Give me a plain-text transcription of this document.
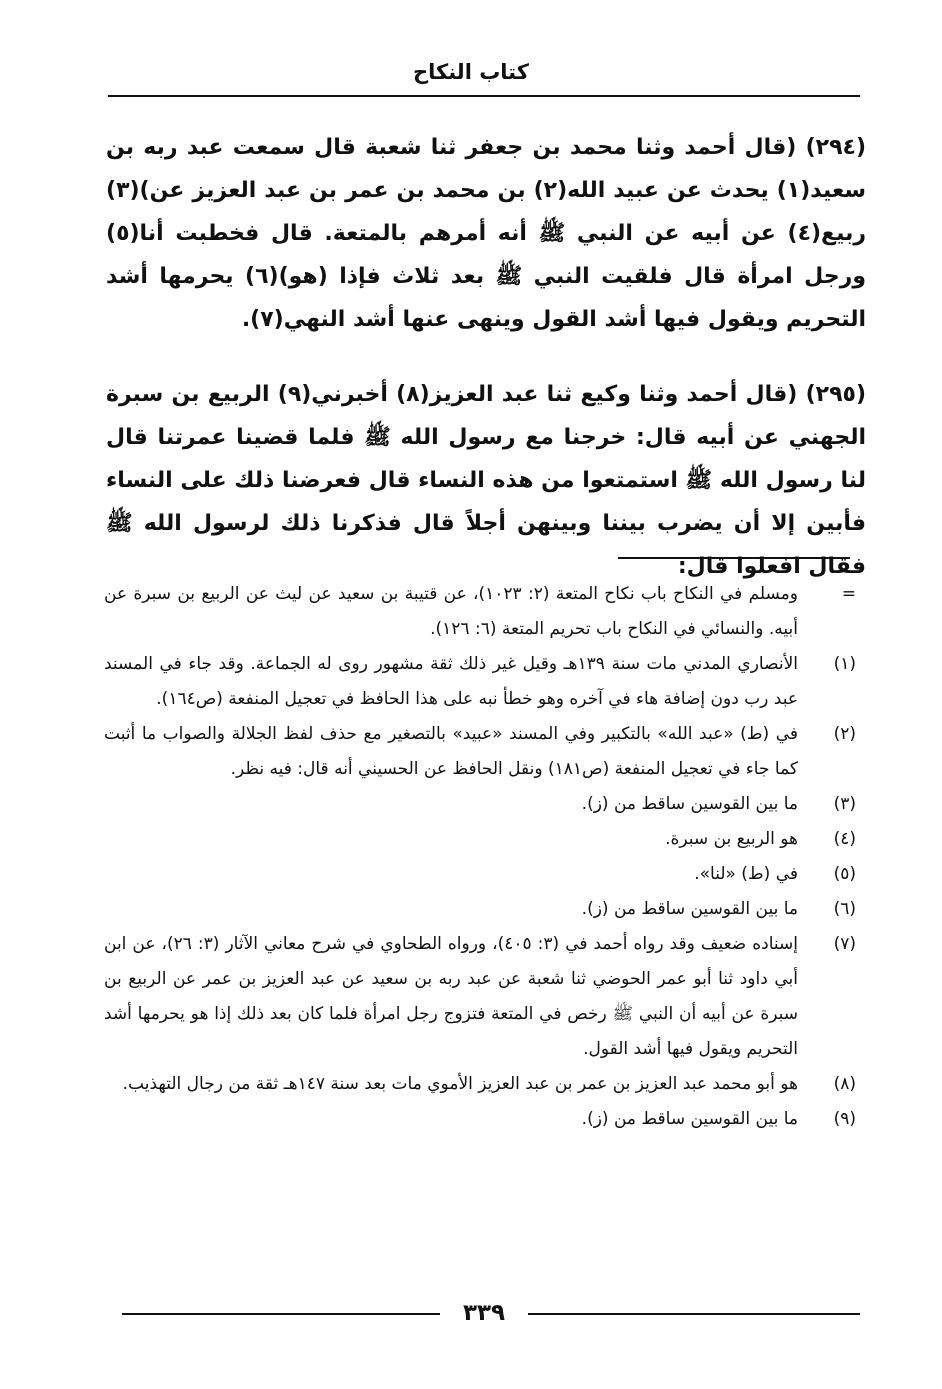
كتاب النكاح

(٢٩٤) (قال أحمد وثنا محمد بن جعفر ثنا شعبة قال سمعت عبد ربه بن سعيد(١) يحدث عن عبيد الله(٢) بن محمد بن عمر بن عبد العزيز عن)(٣) ربيع(٤) عن أبيه عن النبي ﷺ أنه أمرهم بالمتعة. قال فخطبت أنا(٥) ورجل امرأة قال فلقيت النبي ﷺ بعد ثلاث فإذا (هو)(٦) يحرمها أشد التحريم ويقول فيها أشد القول وينهى عنها أشد النهي(٧).

(٢٩٥) (قال أحمد وثنا وكيع ثنا عبد العزيز(٨) أخبرني(٩) الربيع بن سبرة الجهني عن أبيه قال: خرجنا مع رسول الله ﷺ فلما قضينا عمرتنا قال لنا رسول الله ﷺ استمتعوا من هذه النساء قال فعرضنا ذلك على النساء فأبين إلا أن يضرب بيننا وبينهن أجلاً قال فذكرنا ذلك لرسول الله ﷺ فقال افعلوا قال:

=
ومسلم في النكاح باب نكاح المتعة (٢: ١٠٢٣)، عن قتيبة بن سعيد عن ليث عن الربيع بن سبرة عن أبيه. والنسائي في النكاح باب تحريم المتعة (٦: ١٢٦).
(١)
الأنصاري المدني مات سنة ١٣٩هـ وقيل غير ذلك ثقة مشهور روى له الجماعة. وقد جاء في المسند عبد رب دون إضافة هاء في آخره وهو خطأ نبه على هذا الحافظ في تعجيل المنفعة (ص١٦٤).
(٢)
في (ط) «عبد الله» بالتكبير وفي المسند «عبيد» بالتصغير مع حذف لفظ الجلالة والصواب ما أثبت كما جاء في تعجيل المنفعة (ص١٨١) ونقل الحافظ عن الحسيني أنه قال: فيه نظر.
(٣)
ما بين القوسين ساقط من (ز).
(٤)
هو الربيع بن سبرة.
(٥)
في (ط) «لنا».
(٦)
ما بين القوسين ساقط من (ز).
(٧)
إسناده ضعيف وقد رواه أحمد في (٣: ٤٠٥)، ورواه الطحاوي في شرح معاني الآثار (٣: ٢٦)، عن ابن أبي داود ثنا أبو عمر الحوضي ثنا شعبة عن عبد ربه بن سعيد عن عبد العزيز بن عمر عن الربيع بن سبرة عن أبيه أن النبي ﷺ رخص في المتعة فتزوج رجل امرأة فلما كان بعد ذلك إذا هو يحرمها أشد التحريم ويقول فيها أشد القول.
(٨)
هو أبو محمد عبد العزيز بن عمر بن عبد العزيز الأموي مات بعد سنة ١٤٧هـ ثقة من رجال التهذيب.
(٩)
ما بين القوسين ساقط من (ز).
٣٣٩
